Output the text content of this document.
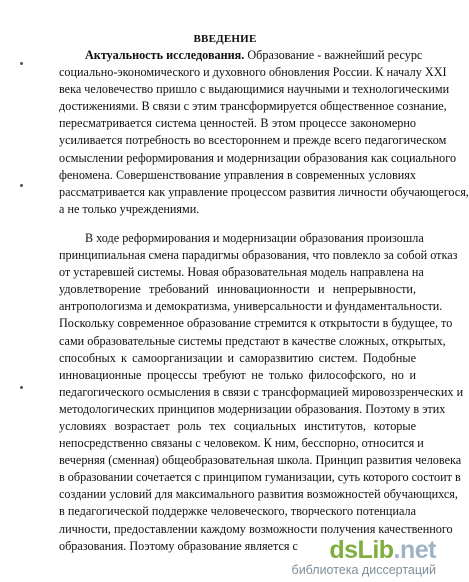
ВВЕДЕНИЕ
Актуальность исследования. Образование - важнейший ресурс
социально-экономического и духовного обновления России. К началу XXI
века человечество пришло с выдающимися научными и технологическими
достижениями. В связи с этим трансформируется общественное сознание,
пересматривается система ценностей. В этом процессе закономерно
усиливается потребность во всестороннем и прежде всего педагогическом
осмыслении реформирования и модернизации образования как социального
феномена. Совершенствование управления в современных условиях
рассматривается как управление процессом развития личности обучающегося,
а не только учреждениями.
В ходе реформирования и модернизации образования произошла
принципиальная смена парадигмы образования, что повлекло за собой отказ
от устаревшей системы. Новая образовательная модель направлена на
удовлетворение требований инновационности и непрерывности,
антропологизма и демократизма, универсальности и фундаментальности.
Поскольку современное образование стремится к открытости в будущее, то
сами образовательные системы предстают в качестве сложных, открытых,
способных к самоорганизации и саморазвитию систем. Подобные
инновационные процессы требуют не только философского, но и
педагогического осмысления в связи с трансформацией мировоззренческих и
методологических принципов модернизации образования. Поэтому в этих
условиях возрастает роль тех социальных институтов, которые
непосредственно связаны с человеком. К ним, бесспорно, относится и
вечерняя (сменная) общеобразовательная школа. Принцип развития человека
в образовании сочетается с принципом гуманизации, суть которого состоит в
создании условий для максимального развития возможностей обучающихся,
в педагогической поддержке человеческого, творческого потенциала
личности, предоставлении каждому возможности получения качественного
образования. Поэтому образование является с	dsLib.net
библиотека диссертаций
